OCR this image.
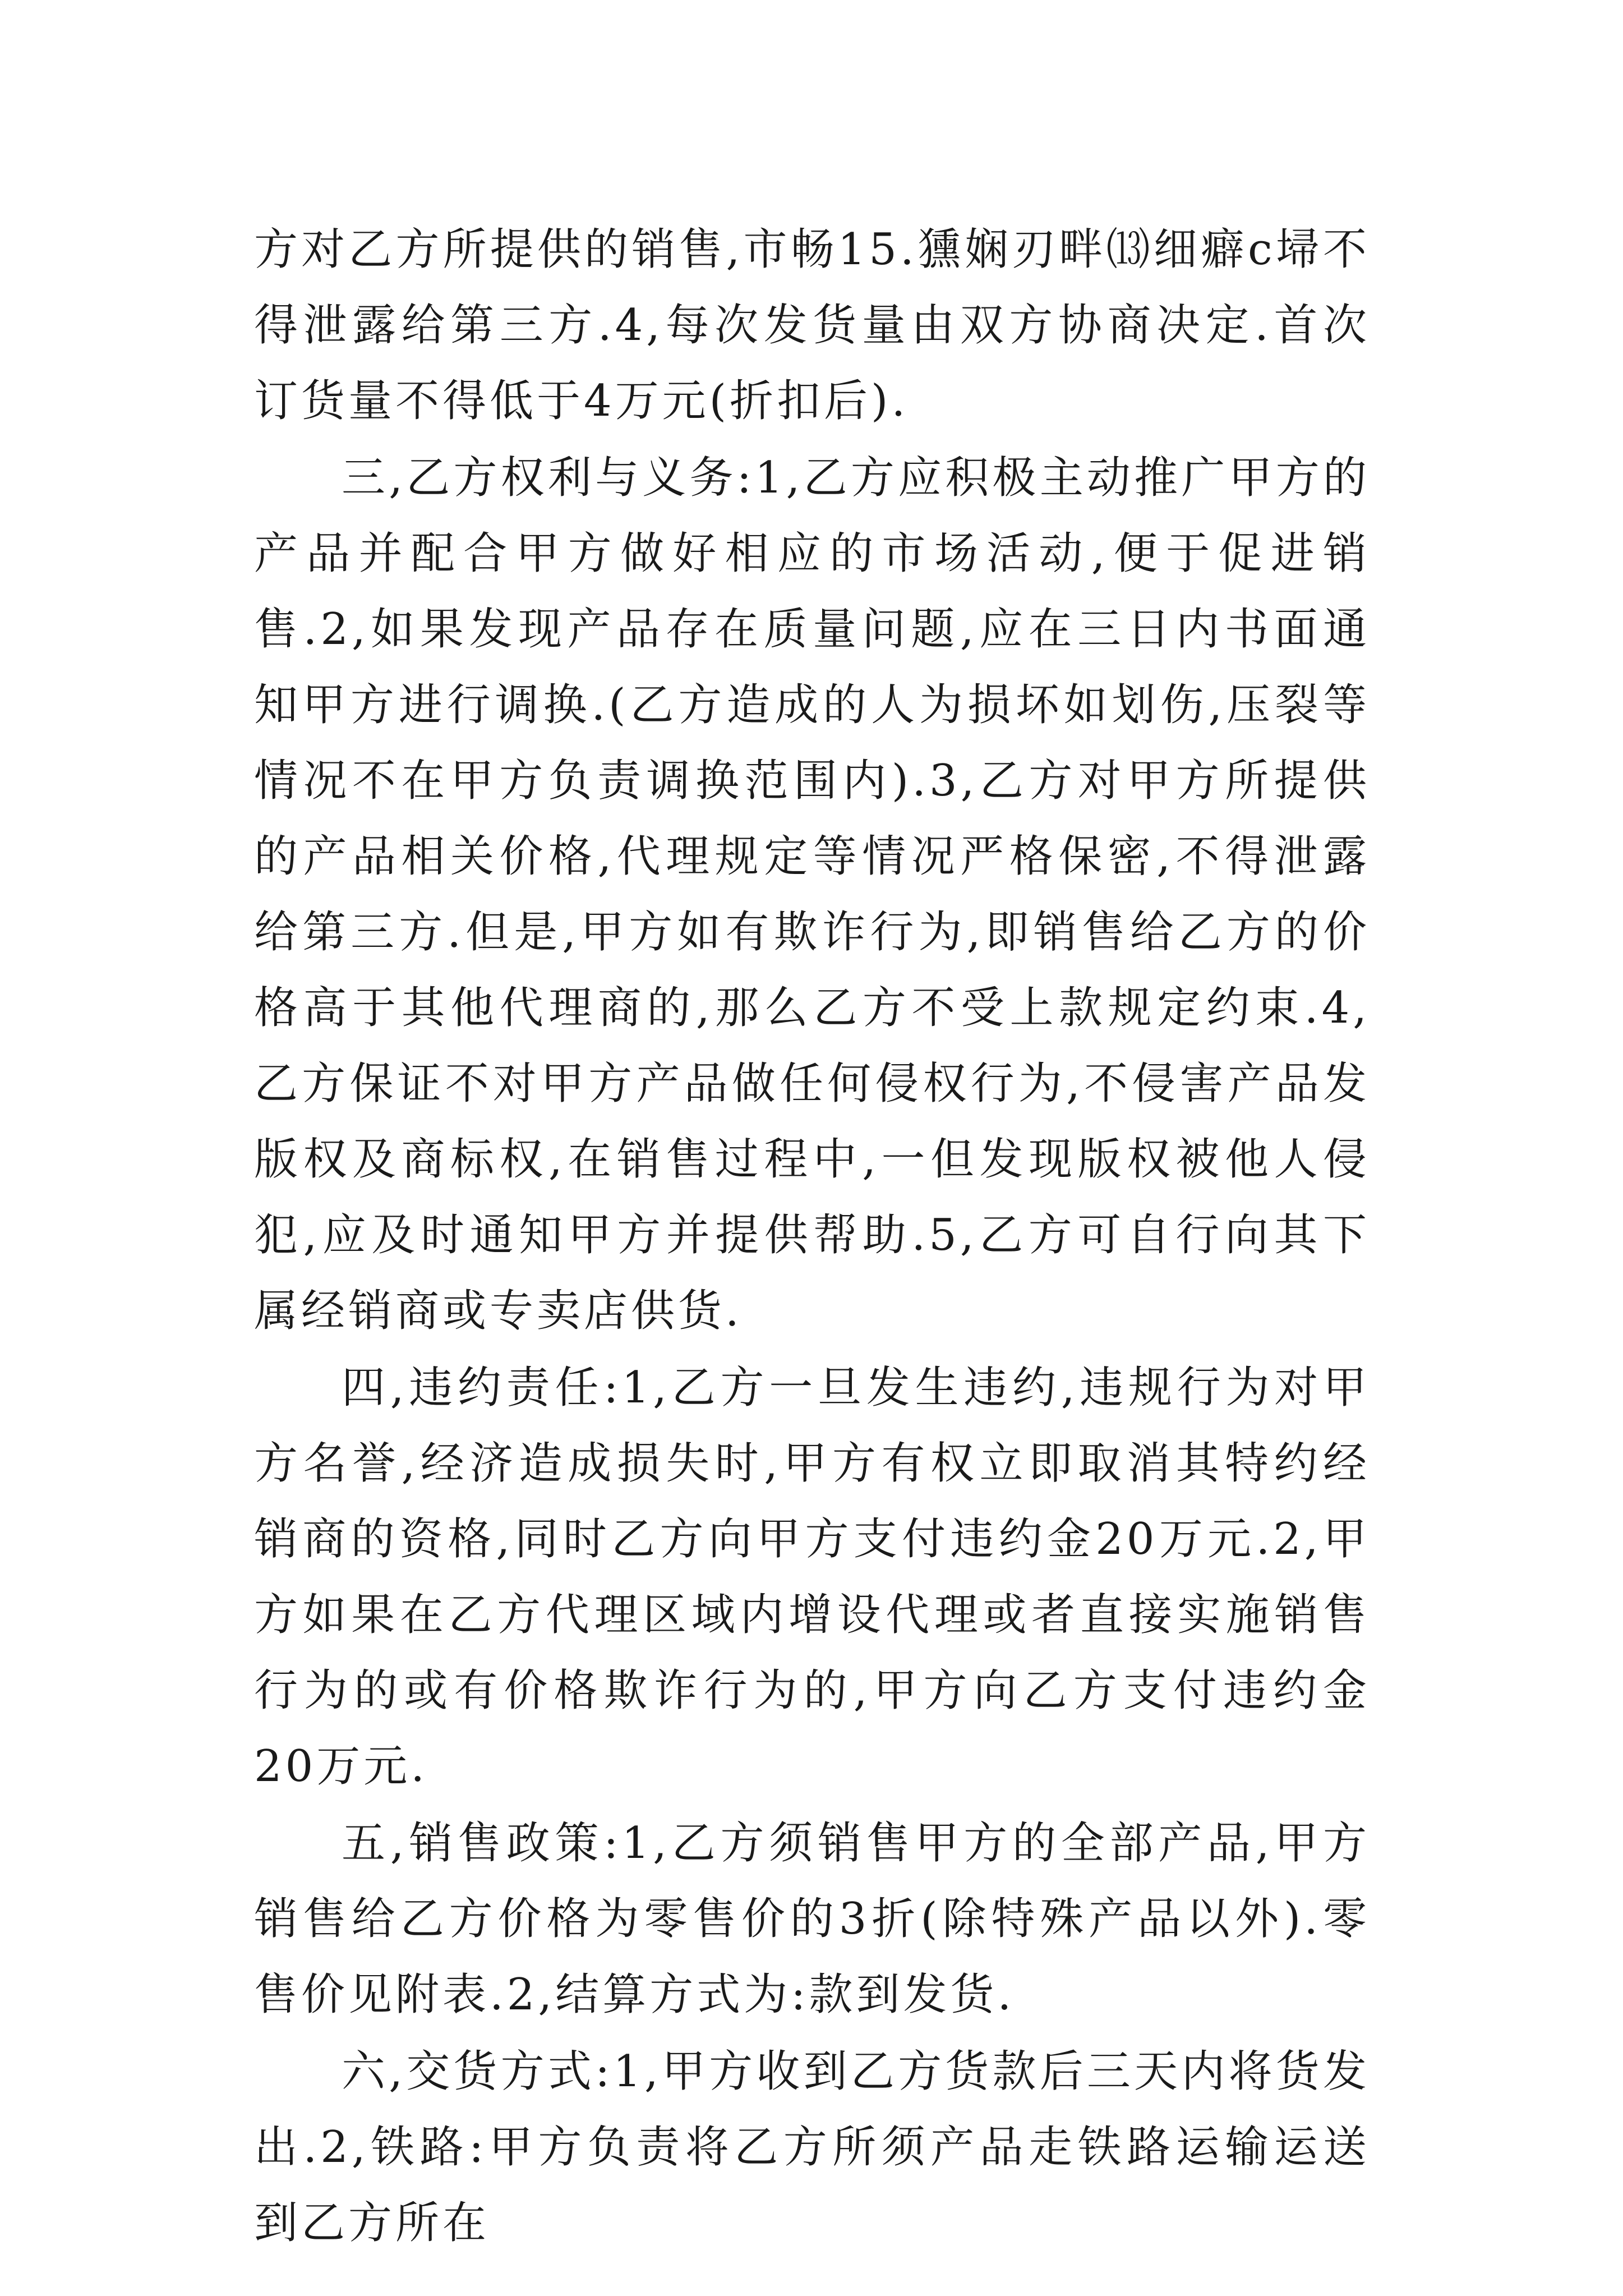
方对乙方所提供的销售,市畅15.獯娴刃畔⒀细癖c埽不得泄露给第三方.4,每次发货量由双方协商决定.首次订货量不得低于4万元(折扣后).

三,乙方权利与义务:1,乙方应积极主动推广甲方的产品并配合甲方做好相应的市场活动,便于促进销售.2,如果发现产品存在质量问题,应在三日内书面通知甲方进行调换.(乙方造成的人为损坏如划伤,压裂等情况不在甲方负责调换范围内).3,乙方对甲方所提供的产品相关价格,代理规定等情况严格保密,不得泄露给第三方.但是,甲方如有欺诈行为,即销售给乙方的价格高于其他代理商的,那么乙方不受上款规定约束.4,乙方保证不对甲方产品做任何侵权行为,不侵害产品发版权及商标权,在销售过程中,一但发现版权被他人侵犯,应及时通知甲方并提供帮助.5,乙方可自行向其下属经销商或专卖店供货.

四,违约责任:1,乙方一旦发生违约,违规行为对甲方名誉,经济造成损失时,甲方有权立即取消其特约经销商的资格,同时乙方向甲方支付违约金20万元.2,甲方如果在乙方代理区域内增设代理或者直接实施销售行为的或有价格欺诈行为的,甲方向乙方支付违约金20万元.

五,销售政策:1,乙方须销售甲方的全部产品,甲方销售给乙方价格为零售价的3折(除特殊产品以外).零售价见附表.2,结算方式为:款到发货.

六,交货方式:1,甲方收到乙方货款后三天内将货发出.2,铁路:甲方负责将乙方所须产品走铁路运输运送到乙方所在
